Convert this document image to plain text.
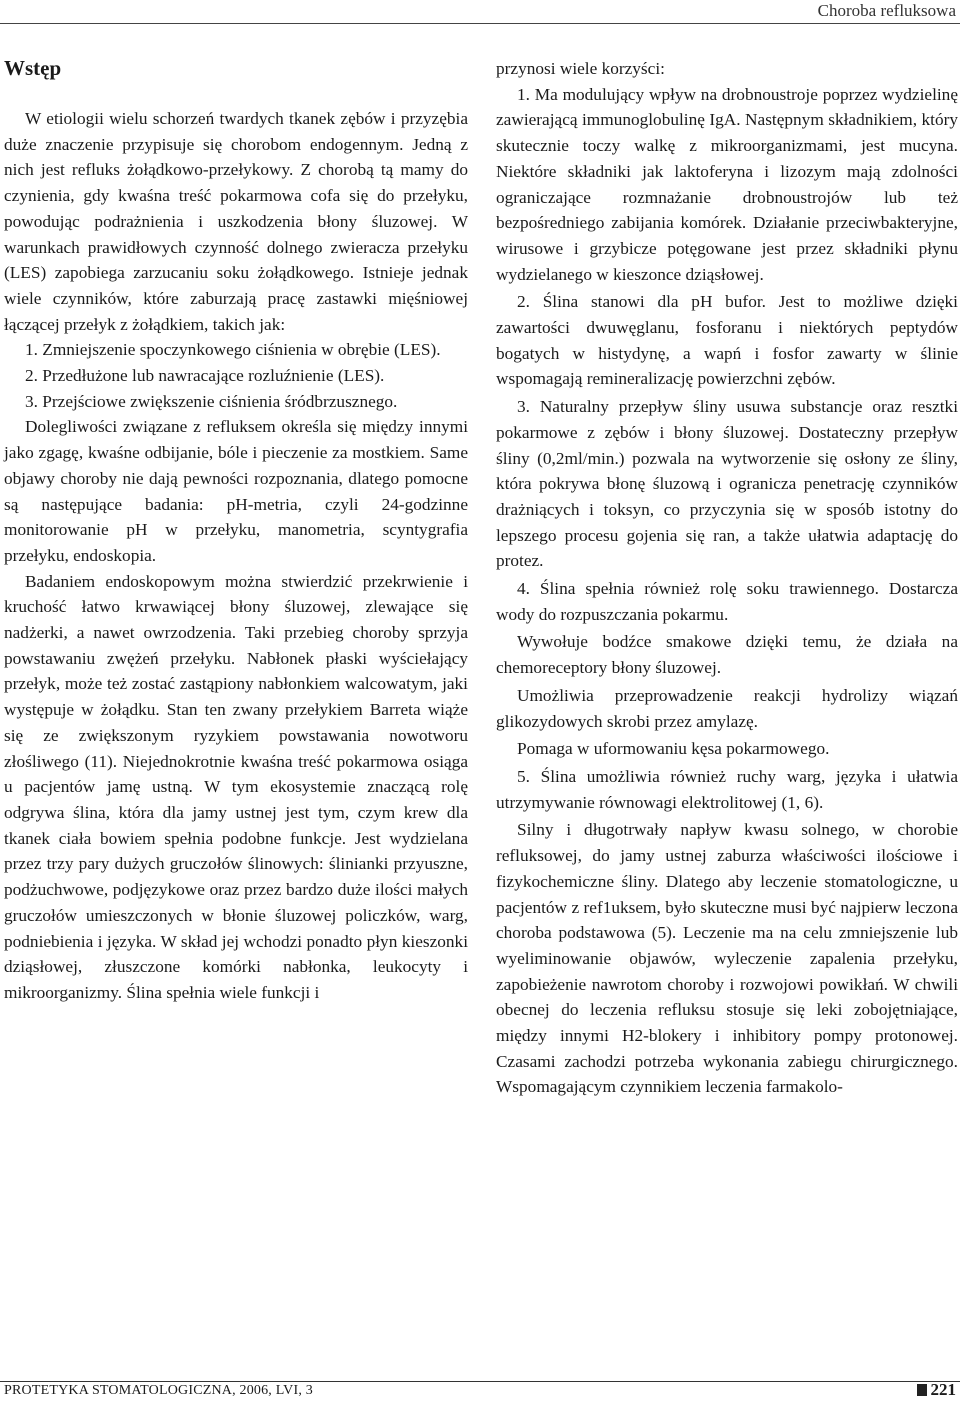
Choroba refluksowa
Wstęp

W etiologii wielu schorzeń twardych tkanek zębów i przyzębia duże znaczenie przypisuje się chorobom endogennym. Jedną z nich jest refluks żołądkowo-przełykowy. Z chorobą tą mamy do czynienia, gdy kwaśna treść pokarmowa cofa się do przełyku, powodując podrażnienia i uszkodzenia błony śluzowej. W warunkach prawidłowych czynność dolnego zwieracza przełyku (LES) zapobiega zarzucaniu soku żołądkowego. Istnieje jednak wiele czynników, które zaburzają pracę zastawki mięśniowej łączącej przełyk z żołądkiem, takich jak:

1. Zmniejszenie spoczynkowego ciśnienia w obrębie (LES).

2. Przedłużone lub nawracające rozluźnienie (LES).

3. Przejściowe zwiększenie ciśnienia śródbrzusznego.

Dolegliwości związane z refluksem określa się między innymi jako zgagę, kwaśne odbijanie, bóle i pieczenie za mostkiem. Same objawy choroby nie dają pewności rozpoznania, dlatego pomocne są następujące badania: pH-metria, czyli 24-godzinne monitorowanie pH w przełyku, manometria, scyntygrafia przełyku, endoskopia.

Badaniem endoskopowym można stwierdzić przekrwienie i kruchość łatwo krwawiącej błony śluzowej, zlewające się nadżerki, a nawet owrzodzenia. Taki przebieg choroby sprzyja powstawaniu zwężeń przełyku. Nabłonek płaski wyściełający przełyk, może też zostać zastąpiony nabłonkiem walcowatym, jaki występuje w żołądku. Stan ten zwany przełykiem Barreta wiąże się ze zwiększonym ryzykiem powstawania nowotworu złośliwego (11). Niejednokrotnie kwaśna treść pokarmowa osiąga u pacjentów jamę ustną. W tym ekosystemie znaczącą rolę odgrywa ślina, która dla jamy ustnej jest tym, czym krew dla tkanek ciała bowiem spełnia podobne funkcje. Jest wydzielana przez trzy pary dużych gruczołów ślinowych: ślinianki przyuszne, podżuchwowe, podjęzykowe oraz przez bardzo duże ilości małych gruczołów umieszczonych w błonie śluzowej policzków, warg, podniebienia i języka. W skład jej wchodzi ponadto płyn kieszonki dziąsłowej, złuszczone komórki nabłonka, leukocyty i mikroorganizmy. Ślina spełnia wiele funkcji i

przynosi wiele korzyści:

1. Ma modulujący wpływ na drobnoustroje poprzez wydzielinę zawierającą immunoglobulinę IgA. Następnym składnikiem, który skutecznie toczy walkę z mikroorganizmami, jest mucyna. Niektóre składniki jak laktoferyna i lizozym mają zdolności ograniczające rozmnażanie drobnoustrojów lub też bezpośredniego zabijania komórek. Działanie przeciwbakteryjne, wirusowe i grzybicze potęgowane jest przez składniki płynu wydzielanego w kieszonce dziąsłowej.

2. Ślina stanowi dla pH bufor. Jest to możliwe dzięki zawartości dwuwęglanu, fosforanu i niektórych peptydów bogatych w histydynę, a wapń i fosfor zawarty w ślinie wspomagają remineralizację powierzchni zębów.

3. Naturalny przepływ śliny usuwa substancje oraz resztki pokarmowe z zębów i błony śluzowej. Dostateczny przepływ śliny (0,2ml/min.) pozwala na wytworzenie się osłony ze śliny, która pokrywa błonę śluzową i ogranicza penetrację czynników drażniących i toksyn, co przyczynia się w sposób istotny do lepszego procesu gojenia się ran, a także ułatwia adaptację do protez.

4. Ślina spełnia również rolę soku trawiennego. Dostarcza wody do rozpuszczania pokarmu.

Wywołuje bodźce smakowe dzięki temu, że działa na chemoreceptory błony śluzowej.

Umożliwia przeprowadzenie reakcji hydrolizy wiązań glikozydowych skrobi przez amylazę.

Pomaga w uformowaniu kęsa pokarmowego.

5. Ślina umożliwia również ruchy warg, języka i ułatwia utrzymywanie równowagi elektrolitowej (1, 6).

Silny i długotrwały napływ kwasu solnego, w chorobie refluksowej, do jamy ustnej zaburza właściwości ilościowe i fizykochemiczne śliny. Dlatego aby leczenie stomatologiczne, u pacjentów z ref1uksem, było skuteczne musi być najpierw leczona choroba podstawowa (5). Leczenie ma na celu zmniejszenie lub wyeliminowanie objawów, wyleczenie zapalenia przełyku, zapobieżenie nawrotom choroby i rozwojowi powikłań. W chwili obecnej do leczenia refluksu stosuje się leki zobojętniające, między innymi H2-blokery i inhibitory pompy protonowej. Czasami zachodzi potrzeba wykonania zabiegu chirurgicznego. Wspomagającym czynnikiem leczenia farmakolo-

PROTETYKA STOMATOLOGICZNA, 2006, LVI, 3	221
